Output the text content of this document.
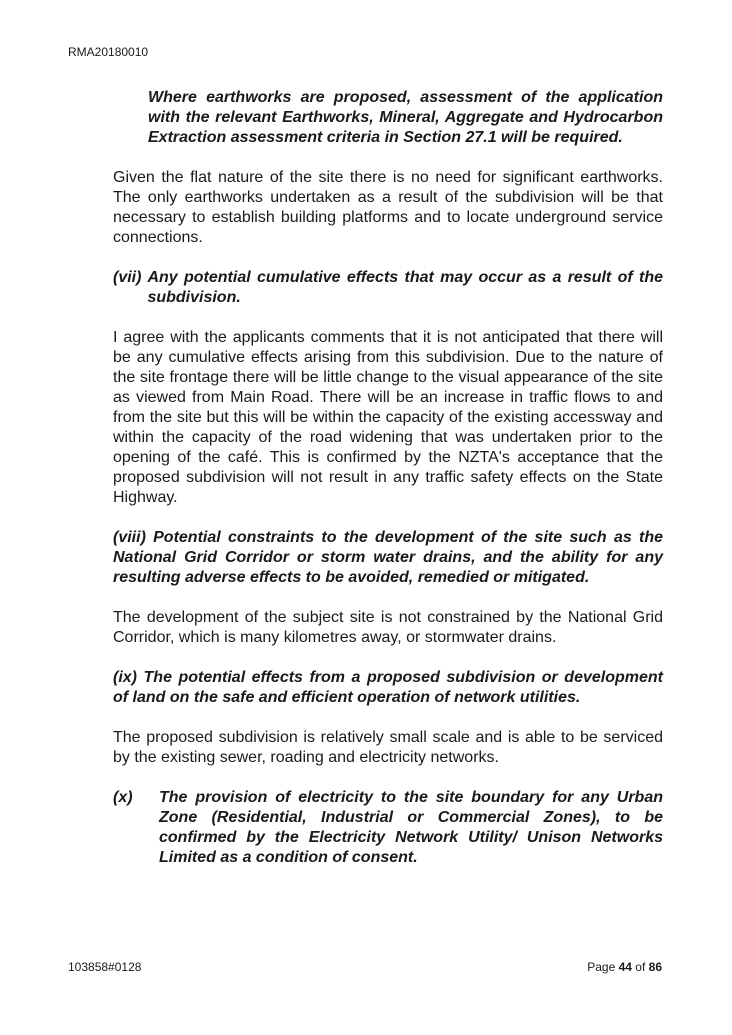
RMA20180010

Where earthworks are proposed, assessment of the application with the relevant Earthworks, Mineral, Aggregate and Hydrocarbon Extraction assessment criteria in Section 27.1 will be required.

Given the flat nature of the site there is no need for significant earthworks. The only earthworks undertaken as a result of the subdivision will be that necessary to establish building platforms and to locate underground service connections.

(vii) Any potential cumulative effects that may occur as a result of the subdivision.

I agree with the applicants comments that it is not anticipated that there will be any cumulative effects arising from this subdivision. Due to the nature of the site frontage there will be little change to the visual appearance of the site as viewed from Main Road. There will be an increase in traffic flows to and from the site but this will be within the capacity of the existing accessway and within the capacity of the road widening that was undertaken prior to the opening of the café. This is confirmed by the NZTA's acceptance that the proposed subdivision will not result in any traffic safety effects on the State Highway.

(viii) Potential constraints to the development of the site such as the National Grid Corridor or storm water drains, and the ability for any resulting adverse effects to be avoided, remedied or mitigated.

The development of the subject site is not constrained by the National Grid Corridor, which is many kilometres away, or stormwater drains.

(ix) The potential effects from a proposed subdivision or development of land on the safe and efficient operation of network utilities.

The proposed subdivision is relatively small scale and is able to be serviced by the existing sewer, roading and electricity networks.

(x)	The provision of electricity to the site boundary for any Urban Zone (Residential, Industrial or Commercial Zones), to be confirmed by the Electricity Network Utility/ Unison Networks Limited as a condition of consent.
103858#0128	Page 44 of 86
